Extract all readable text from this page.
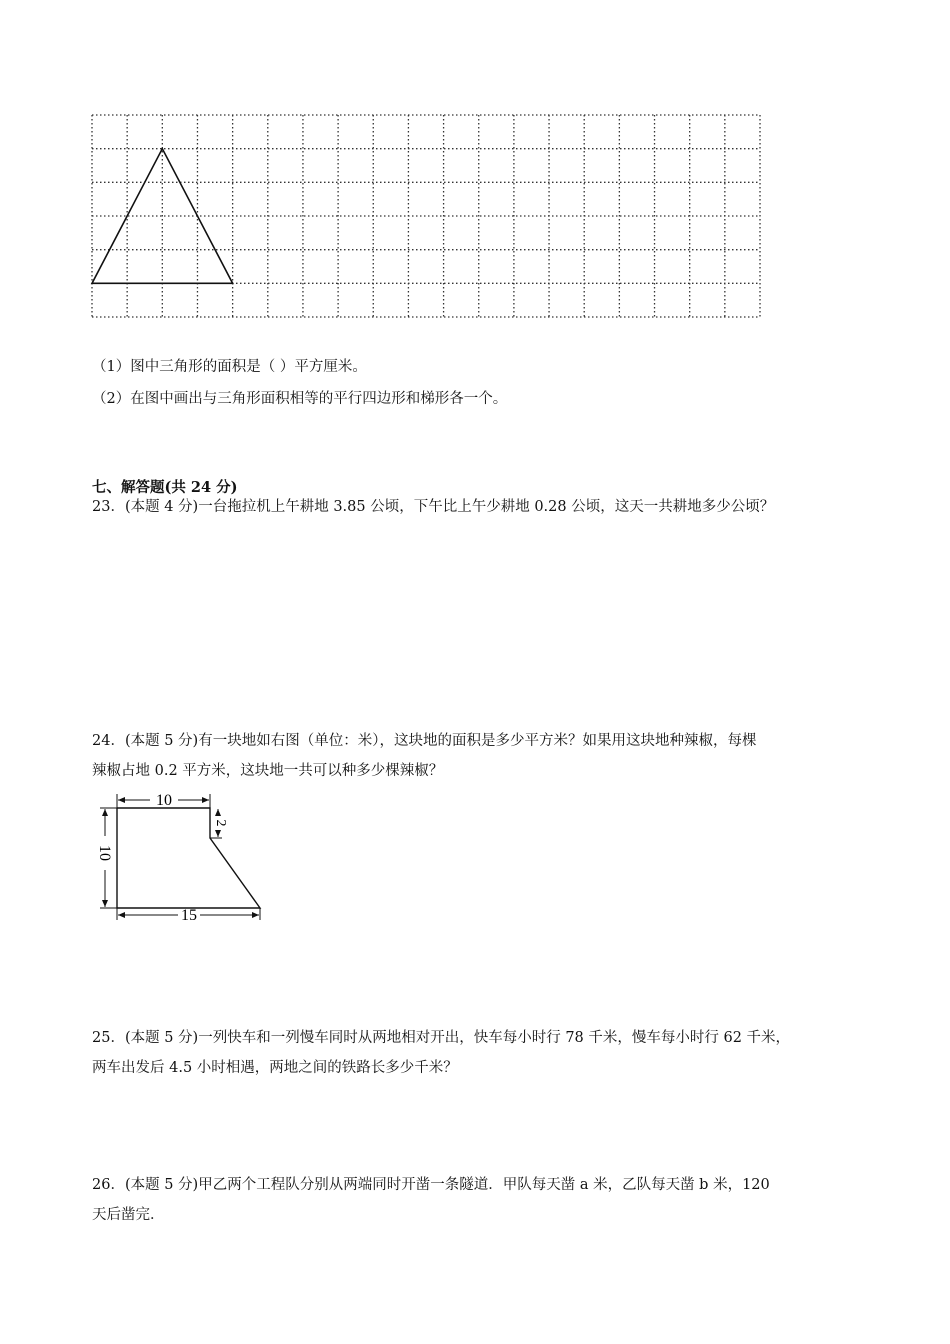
（1）图中三角形的面积是（ ）平方厘米。
（2）在图中画出与三角形面积相等的平行四边形和梯形各一个。
七、解答题(共 24 分)
23．(本题 4 分)一台拖拉机上午耕地 3.85 公顷，下午比上午少耕地 0.28 公顷，这天一共耕地多少公顷？
24．(本题 5 分)有一块地如右图（单位：米），这块地的面积是多少平方米？如果用这块地种辣椒，每棵
辣椒占地 0.2 平方米，这块地一共可以种多少棵辣椒？
10
10
2
15
25．(本题 5 分)一列快车和一列慢车同时从两地相对开出，快车每小时行 78 千米，慢车每小时行 62 千米，
两车出发后 4.5 小时相遇，两地之间的铁路长多少千米？
26．(本题 5 分)甲乙两个工程队分别从两端同时开凿一条隧道．甲队每天凿 a 米，乙队每天凿 b 米，120
天后凿完．
